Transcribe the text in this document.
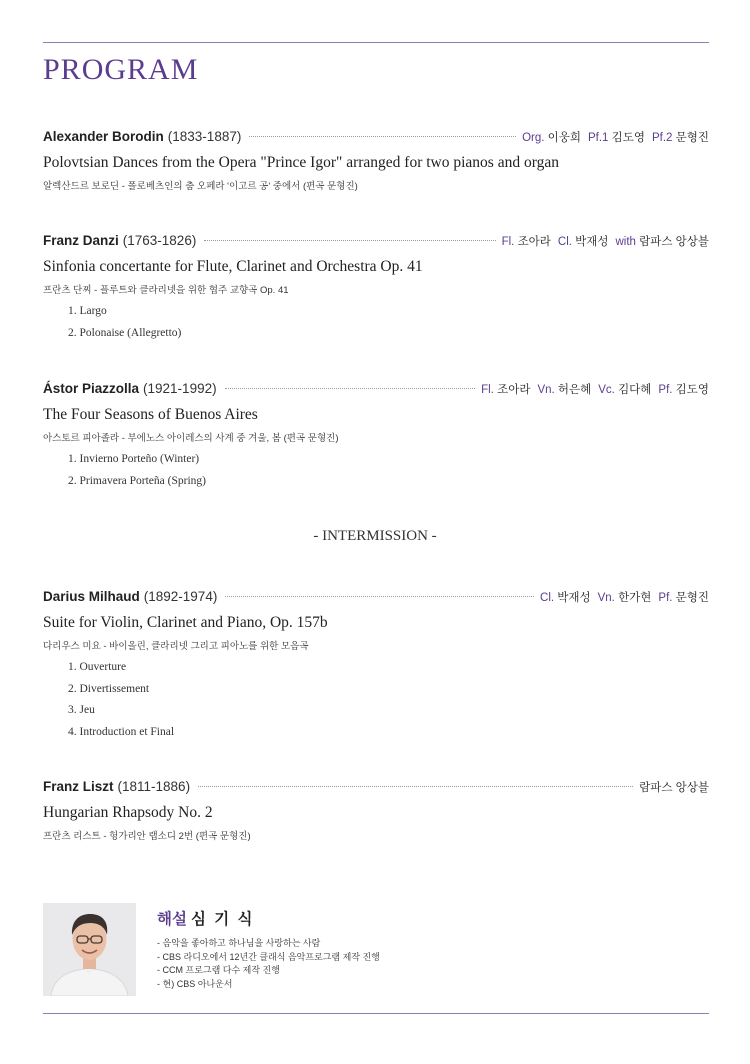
PROGRAM
Alexander Borodin (1833-1887)	Org. 이웅희 Pf.1 김도영 Pf.2 문형진
Polovtsian Dances from the Opera "Prince Igor" arranged for two pianos and organ
알렉산드르 보로딘 - 폴로베츠인의 춤 오페라 '이고르 공' 중에서 (편곡 문형진)
Franz Danzi (1763-1826)	Fl. 조아라 Cl. 박재성 with 람파스 앙상블
Sinfonia concertante for Flute, Clarinet and Orchestra Op. 41
프란츠 단찌 - 플루트와 클라리넷을 위한 협주 교향곡 Op. 41
1. Largo
2. Polonaise (Allegretto)
Ástor Piazzolla (1921-1992)	Fl. 조아라 Vn. 허은혜 Vc. 김다혜 Pf. 김도영
The Four Seasons of Buenos Aires
아스토르 피아졸라 - 부에노스 아이레스의 사계 중 겨울, 봄 (편곡 문형진)
1. Invierno Porteño (Winter)
2. Primavera Porteña (Spring)
Darius Milhaud (1892-1974)	Cl. 박재성 Vn. 한가현 Pf. 문형진
Suite for Violin, Clarinet and Piano, Op. 157b
다리우스 미요 - 바이올린, 클라리넷 그리고 피아노를 위한 모음곡
1. Ouverture
2. Divertissement
3. Jeu
4. Introduction et Final
Franz Liszt (1811-1886)	람파스 앙상블
Hungarian Rhapsody No. 2
프란츠 리스트 - 헝가리안 랩소디 2번 (편곡 문형진)
- INTERMISSION -
해설 심 기 식
- 음악을 좋아하고 하나님을 사랑하는 사람
- CBS 라디오에서 12년간 클래식 음악프로그램 제작 진행
- CCM 프로그램 다수 제작 진행
- 현) CBS 아나운서
